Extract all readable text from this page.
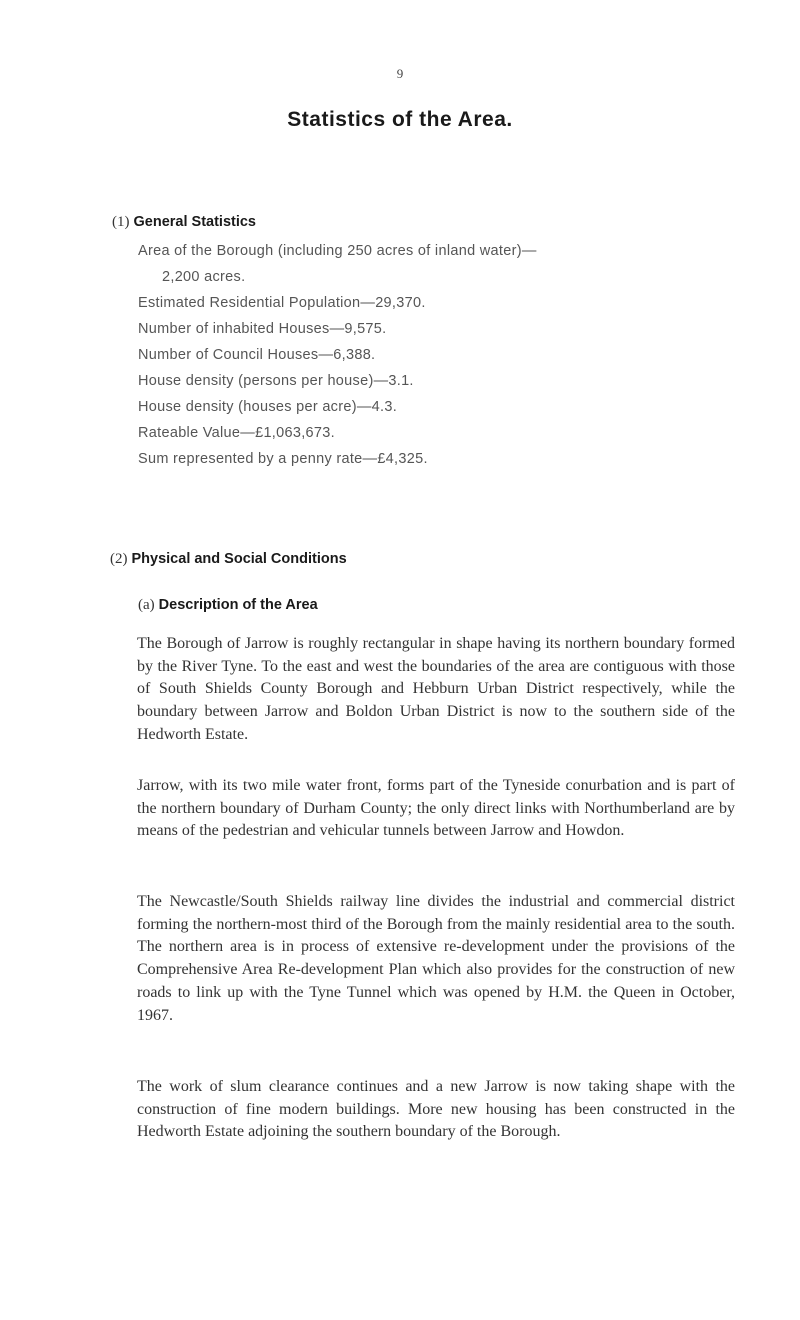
9
Statistics of the Area.
(1) General Statistics
Area of the Borough (including 250 acres of inland water)—
2,200 acres.
Estimated Residential Population—29,370.
Number of inhabited Houses—9,575.
Number of Council Houses—6,388.
House density (persons per house)—3.1.
House density (houses per acre)—4.3.
Rateable Value—£1,063,673.
Sum represented by a penny rate—£4,325.
(2) Physical and Social Conditions
(a) Description of the Area

The Borough of Jarrow is roughly rectangular in shape having its northern boundary formed by the River Tyne. To the east and west the boundaries of the area are contiguous with those of South Shields County Borough and Hebburn Urban District respectively, while the boundary between Jarrow and Boldon Urban District is now to the southern side of the Hedworth Estate.

Jarrow, with its two mile water front, forms part of the Tyneside conurbation and is part of the northern boundary of Durham County; the only direct links with Northumberland are by means of the pedestrian and vehicular tunnels between Jarrow and Howdon.

The Newcastle/South Shields railway line divides the industrial and commercial district forming the northern-most third of the Borough from the mainly residential area to the south. The northern area is in process of extensive re-development under the provisions of the Comprehensive Area Re-development Plan which also provides for the construction of new roads to link up with the Tyne Tunnel which was opened by H.M. the Queen in October, 1967.

The work of slum clearance continues and a new Jarrow is now taking shape with the construction of fine modern buildings. More new housing has been constructed in the Hedworth Estate adjoining the southern boundary of the Borough.
